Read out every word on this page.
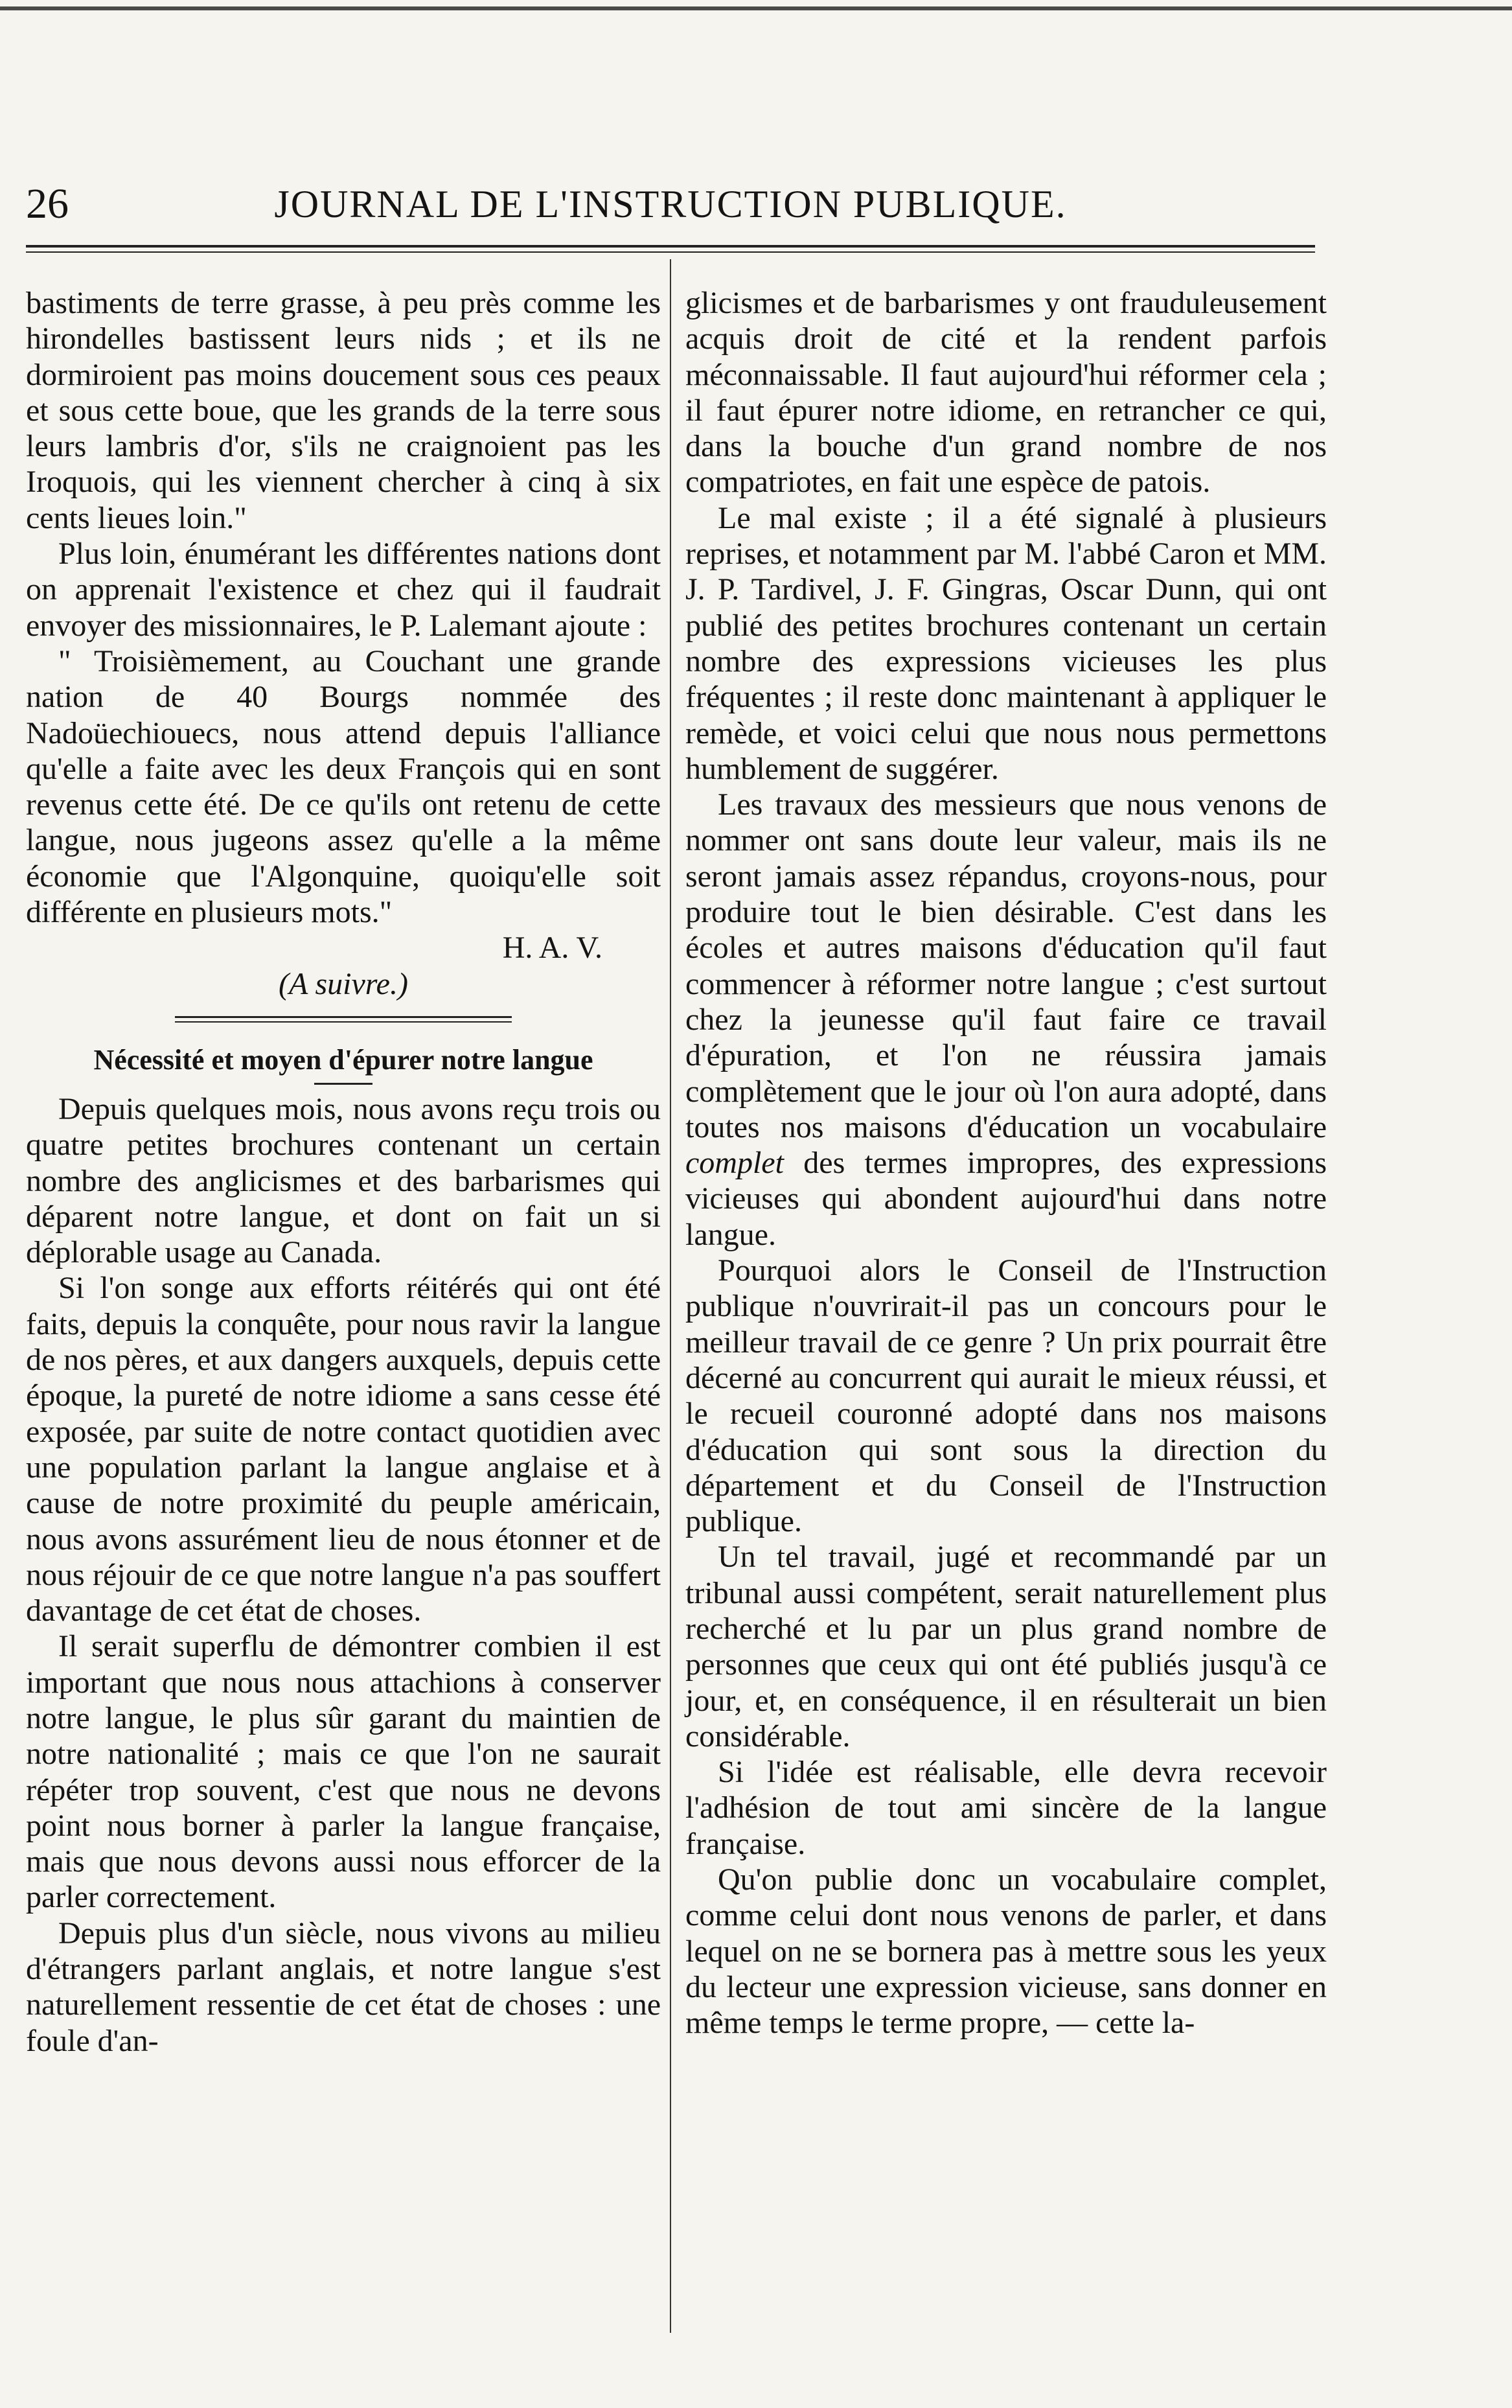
26	JOURNAL DE L'INSTRUCTION PUBLIQUE.

bastiments de terre grasse, à peu près comme les hirondelles bastissent leurs nids ; et ils ne dormiroient pas moins doucement sous ces peaux et sous cette boue, que les grands de la terre sous leurs lambris d'or, s'ils ne craignoient pas les Iroquois, qui les viennent chercher à cinq à six cents lieues loin."

Plus loin, énumérant les différentes nations dont on apprenait l'existence et chez qui il faudrait envoyer des missionnaires, le P. Lalemant ajoute :

" Troisièmement, au Couchant une grande nation de 40 Bourgs nommée des Nadoüechiouecs, nous attend depuis l'alliance qu'elle a faite avec les deux François qui en sont revenus cette été. De ce qu'ils ont retenu de cette langue, nous jugeons assez qu'elle a la même économie que l'Algonquine, quoiqu'elle soit différente en plusieurs mots."

H. A. V.
(A suivre.)
Nécessité et moyen d'épurer notre langue

Depuis quelques mois, nous avons reçu trois ou quatre petites brochures contenant un certain nombre des anglicismes et des barbarismes qui déparent notre langue, et dont on fait un si déplorable usage au Canada.

Si l'on songe aux efforts réitérés qui ont été faits, depuis la conquête, pour nous ravir la langue de nos pères, et aux dangers auxquels, depuis cette époque, la pureté de notre idiome a sans cesse été exposée, par suite de notre contact quotidien avec une population parlant la langue anglaise et à cause de notre proximité du peuple américain, nous avons assurément lieu de nous étonner et de nous réjouir de ce que notre langue n'a pas souffert davantage de cet état de choses.

Il serait superflu de démontrer combien il est important que nous nous attachions à conserver notre langue, le plus sûr garant du maintien de notre nationalité ; mais ce que l'on ne saurait répéter trop souvent, c'est que nous ne devons point nous borner à parler la langue française, mais que nous devons aussi nous efforcer de la parler correctement.

Depuis plus d'un siècle, nous vivons au milieu d'étrangers parlant anglais, et notre langue s'est naturellement ressentie de cet état de choses : une foule d'an-

glicismes et de barbarismes y ont frauduleusement acquis droit de cité et la rendent parfois méconnaissable. Il faut aujourd'hui réformer cela ; il faut épurer notre idiome, en retrancher ce qui, dans la bouche d'un grand nombre de nos compatriotes, en fait une espèce de patois.

Le mal existe ; il a été signalé à plusieurs reprises, et notamment par M. l'abbé Caron et MM. J. P. Tardivel, J. F. Gingras, Oscar Dunn, qui ont publié des petites brochures contenant un certain nombre des expressions vicieuses les plus fréquentes ; il reste donc maintenant à appliquer le remède, et voici celui que nous nous permettons humblement de suggérer.

Les travaux des messieurs que nous venons de nommer ont sans doute leur valeur, mais ils ne seront jamais assez répandus, croyons-nous, pour produire tout le bien désirable. C'est dans les écoles et autres maisons d'éducation qu'il faut commencer à réformer notre langue ; c'est surtout chez la jeunesse qu'il faut faire ce travail d'épuration, et l'on ne réussira jamais complètement que le jour où l'on aura adopté, dans toutes nos maisons d'éducation un vocabulaire complet des termes impropres, des expressions vicieuses qui abondent aujourd'hui dans notre langue.

Pourquoi alors le Conseil de l'Instruction publique n'ouvrirait-il pas un concours pour le meilleur travail de ce genre ? Un prix pourrait être décerné au concurrent qui aurait le mieux réussi, et le recueil couronné adopté dans nos maisons d'éducation qui sont sous la direction du département et du Conseil de l'Instruction publique.

Un tel travail, jugé et recommandé par un tribunal aussi compétent, serait naturellement plus recherché et lu par un plus grand nombre de personnes que ceux qui ont été publiés jusqu'à ce jour, et, en conséquence, il en résulterait un bien considérable.

Si l'idée est réalisable, elle devra recevoir l'adhésion de tout ami sincère de la langue française.

Qu'on publie donc un vocabulaire complet, comme celui dont nous venons de parler, et dans lequel on ne se bornera pas à mettre sous les yeux du lecteur une expression vicieuse, sans donner en même temps le terme propre, — cette la-
